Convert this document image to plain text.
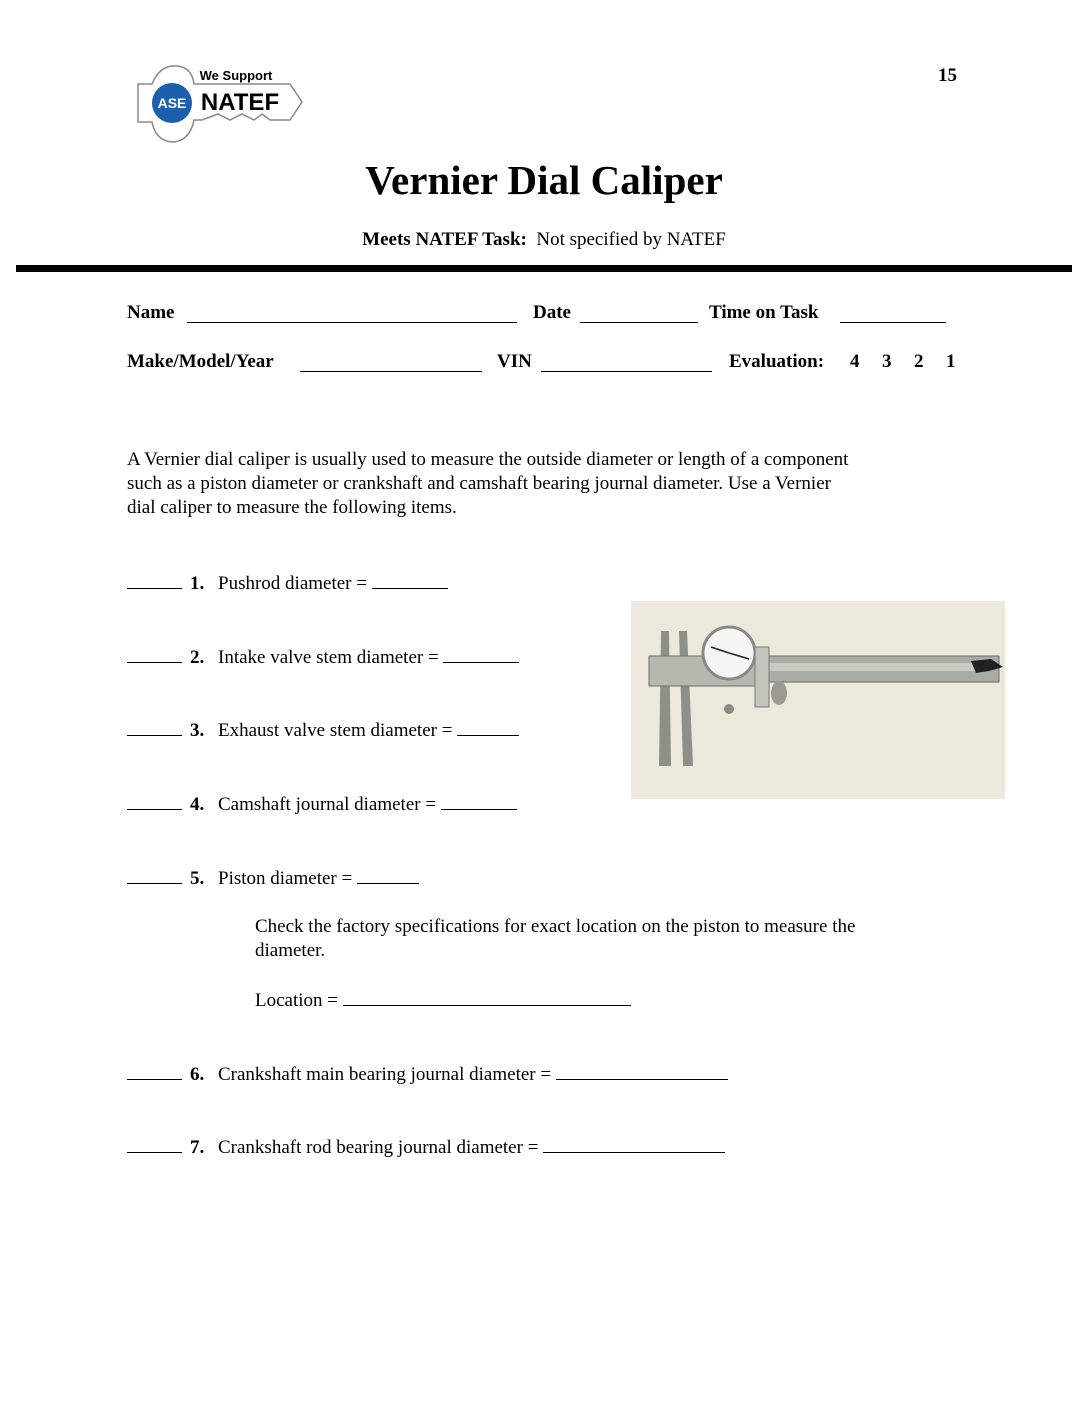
ASE
We Support
NATEF
15
Vernier Dial Caliper
Meets NATEF Task: Not specified by NATEF
Name	Date	Time on Task
Make/Model/Year	VIN	Evaluation: 4 3 2 1
A Vernier dial caliper is usually used to measure the outside diameter or length of a component
such as a piston diameter or crankshaft and camshaft bearing journal diameter. Use a Vernier
dial caliper to measure the following items.
1. Pushrod diameter =
2. Intake valve stem diameter =
3. Exhaust valve stem diameter =
4. Camshaft journal diameter =
5. Piston diameter =
Check the factory specifications for exact location on the piston to measure the
diameter.
Location =
6. Crankshaft main bearing journal diameter =
7. Crankshaft rod bearing journal diameter =
